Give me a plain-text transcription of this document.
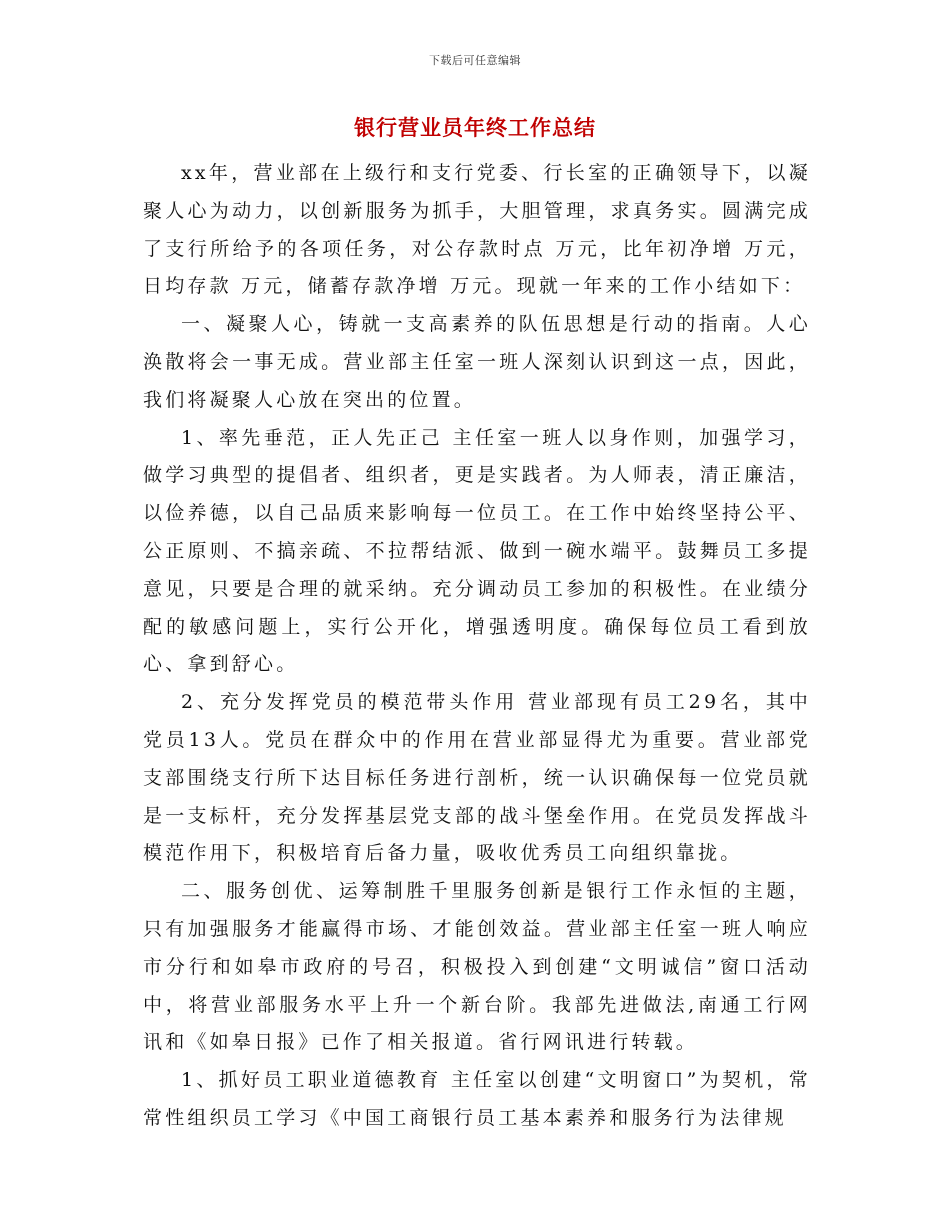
下载后可任意编辑
银行营业员年终工作总结

xx年，营业部在上级行和支行党委、行长室的正确领导下，以凝聚人心为动力，以创新服务为抓手，大胆管理，求真务实。圆满完成了支行所给予的各项任务，对公存款时点 万元，比年初净增 万元，日均存款 万元，储蓄存款净增 万元。现就一年来的工作小结如下：

一、凝聚人心，铸就一支高素养的队伍思想是行动的指南。人心涣散将会一事无成。营业部主任室一班人深刻认识到这一点，因此，我们将凝聚人心放在突出的位置。

1、率先垂范，正人先正己 主任室一班人以身作则，加强学习，做学习典型的提倡者、组织者，更是实践者。为人师表，清正廉洁，以俭养德，以自己品质来影响每一位员工。在工作中始终坚持公平、公正原则、不搞亲疏、不拉帮结派、做到一碗水端平。鼓舞员工多提意见，只要是合理的就采纳。充分调动员工参加的积极性。在业绩分配的敏感问题上，实行公开化，增强透明度。确保每位员工看到放心、拿到舒心。

2、充分发挥党员的模范带头作用 营业部现有员工29名，其中党员13人。党员在群众中的作用在营业部显得尤为重要。营业部党支部围绕支行所下达目标任务进行剖析，统一认识确保每一位党员就是一支标杆，充分发挥基层党支部的战斗堡垒作用。在党员发挥战斗模范作用下，积极培育后备力量，吸收优秀员工向组织靠拢。

二、服务创优、运筹制胜千里服务创新是银行工作永恒的主题，只有加强服务才能赢得市场、才能创效益。营业部主任室一班人响应市分行和如皋市政府的号召，积极投入到创建“文明诚信”窗口活动中，将营业部服务水平上升一个新台阶。我部先进做法,南通工行网讯和《如皋日报》已作了相关报道。省行网讯进行转载。

1、抓好员工职业道德教育 主任室以创建“文明窗口”为契机，常常性组织员工学习《中国工商银行员工基本素养和服务行为法律规
